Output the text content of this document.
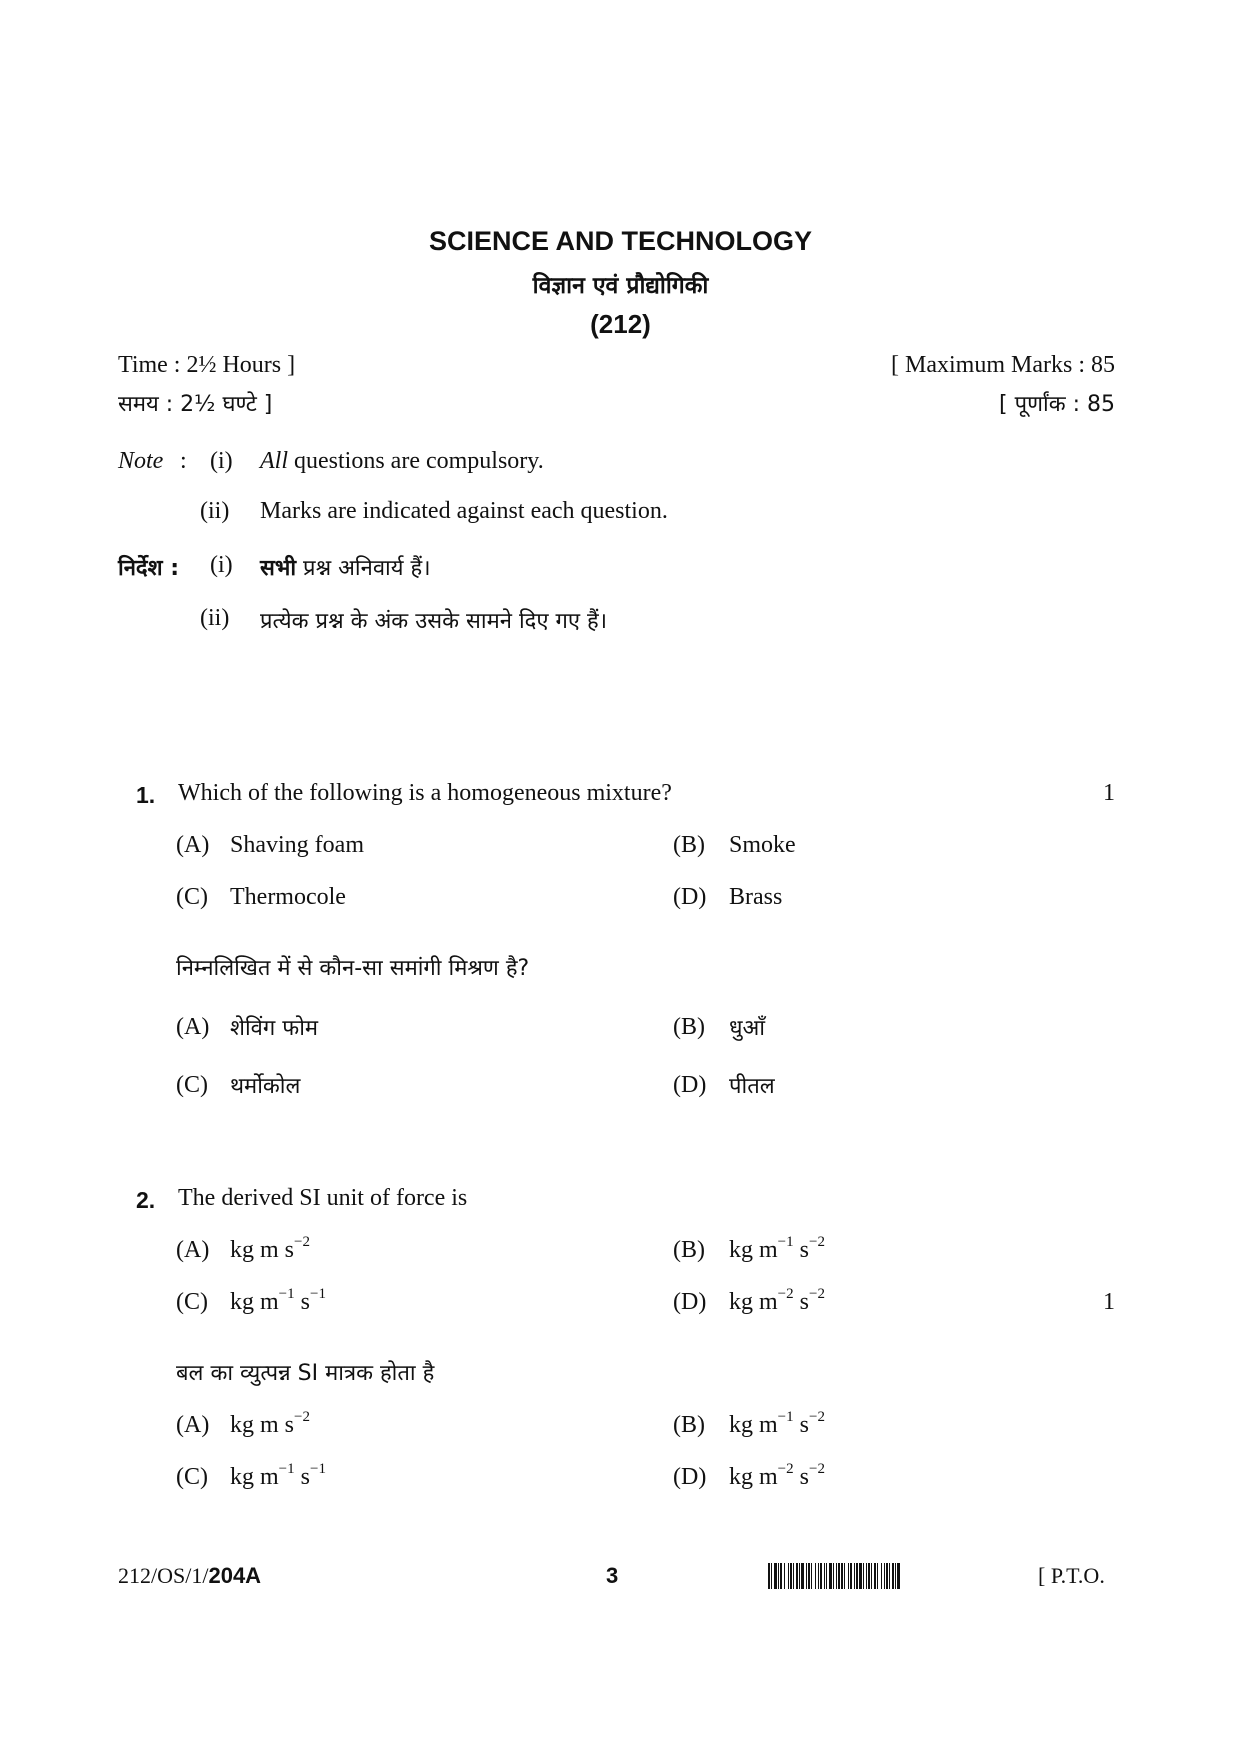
SCIENCE AND TECHNOLOGY
विज्ञान एवं प्रौद्योगिकी
(212)
Time : 2½ Hours ]
समय : 2½ घण्टे ]
[ Maximum Marks : 85
[ पूर्णांक : 85
Note : (i) All questions are compulsory.
(ii) Marks are indicated against each question.
निर्देश : (i) सभी प्रश्न अनिवार्य हैं।
(ii) प्रत्येक प्रश्न के अंक उसके सामने दिए गए हैं।
1. Which of the following is a homogeneous mixture?	1
(A) Shaving foam	(B) Smoke
(C) Thermocole	(D) Brass
निम्नलिखित में से कौन-सा समांगी मिश्रण है?
(A) शेविंग फोम	(B) धुआँ
(C) थर्मोकोल	(D) पीतल
2. The derived SI unit of force is
(A) kg m $s^{-2}$	(B) kg $m^{-1}$ $s^{-2}$
(C) kg $m^{-1}$ $s^{-1}$	(D) kg $m^{-2}$ $s^{-2}$	1
बल का व्युत्पन्न SI मात्रक होता है
(A) kg m $s^{-2}$	(B) kg $m^{-1}$ $s^{-2}$
(C) kg $m^{-1}$ $s^{-1}$	(D) kg $m^{-2}$ $s^{-2}$
212/OS/1/204A	3	[ P.T.O.
